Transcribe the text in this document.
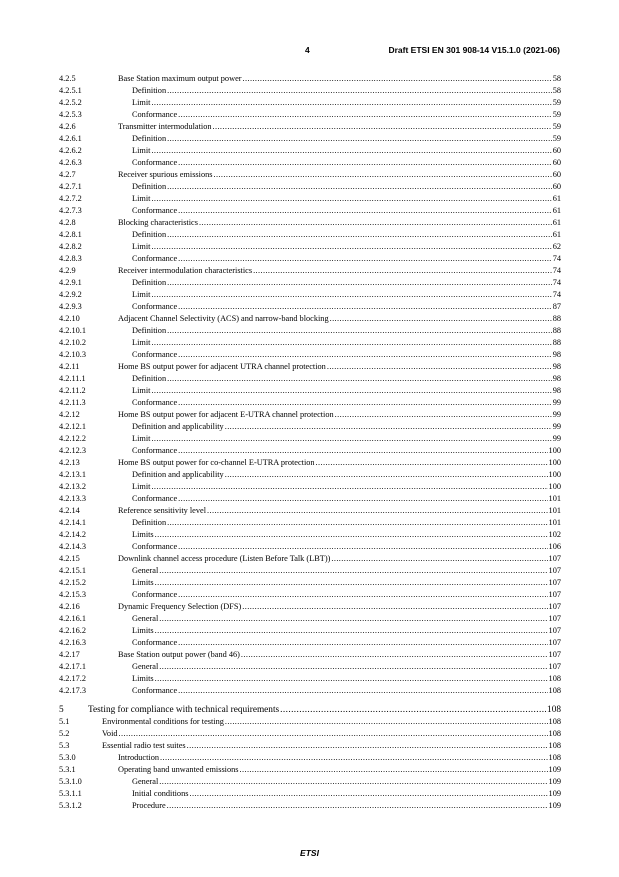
4	Draft ETSI EN 301 908-14 V15.1.0 (2021-06)
4.2.5	Base Station maximum output power .....	58
4.2.5.1	Definition .....	58
4.2.5.2	Limit .....	59
4.2.5.3	Conformance .....	59
4.2.6	Transmitter intermodulation .....	59
4.2.6.1	Definition .....	59
4.2.6.2	Limit .....	60
4.2.6.3	Conformance .....	60
4.2.7	Receiver spurious emissions .....	60
4.2.7.1	Definition .....	60
4.2.7.2	Limit .....	61
4.2.7.3	Conformance .....	61
4.2.8	Blocking characteristics .....	61
4.2.8.1	Definition .....	61
4.2.8.2	Limit .....	62
4.2.8.3	Conformance .....	74
4.2.9	Receiver intermodulation characteristics .....	74
4.2.9.1	Definition .....	74
4.2.9.2	Limit .....	74
4.2.9.3	Conformance .....	87
4.2.10	Adjacent Channel Selectivity (ACS) and narrow-band blocking .....	88
4.2.10.1	Definition .....	88
4.2.10.2	Limit .....	88
4.2.10.3	Conformance .....	98
4.2.11	Home BS output power for adjacent UTRA channel protection .....	98
4.2.11.1	Definition .....	98
4.2.11.2	Limit .....	98
4.2.11.3	Conformance .....	99
4.2.12	Home BS output power for adjacent E-UTRA channel protection .....	99
4.2.12.1	Definition and applicability .....	99
4.2.12.2	Limit .....	99
4.2.12.3	Conformance .....	100
4.2.13	Home BS output power for co-channel E-UTRA protection .....	100
4.2.13.1	Definition and applicability .....	100
4.2.13.2	Limit .....	100
4.2.13.3	Conformance .....	101
4.2.14	Reference sensitivity level .....	101
4.2.14.1	Definition .....	101
4.2.14.2	Limits .....	102
4.2.14.3	Conformance .....	106
4.2.15	Downlink channel access procedure (Listen Before Talk (LBT)) .....	107
4.2.15.1	General .....	107
4.2.15.2	Limits .....	107
4.2.15.3	Conformance .....	107
4.2.16	Dynamic Frequency Selection (DFS) .....	107
4.2.16.1	General .....	107
4.2.16.2	Limits .....	107
4.2.16.3	Conformance .....	107
4.2.17	Base Station output power (band 46) .....	107
4.2.17.1	General .....	107
4.2.17.2	Limits .....	108
4.2.17.3	Conformance .....	108
5	Testing for compliance with technical requirements .....	108
5.1	Environmental conditions for testing .....	108
5.2	Void .....	108
5.3	Essential radio test suites .....	108
5.3.0	Introduction .....	108
5.3.1	Operating band unwanted emissions .....	109
5.3.1.0	General .....	109
5.3.1.1	Initial conditions .....	109
5.3.1.2	Procedure .....	109
ETSI
